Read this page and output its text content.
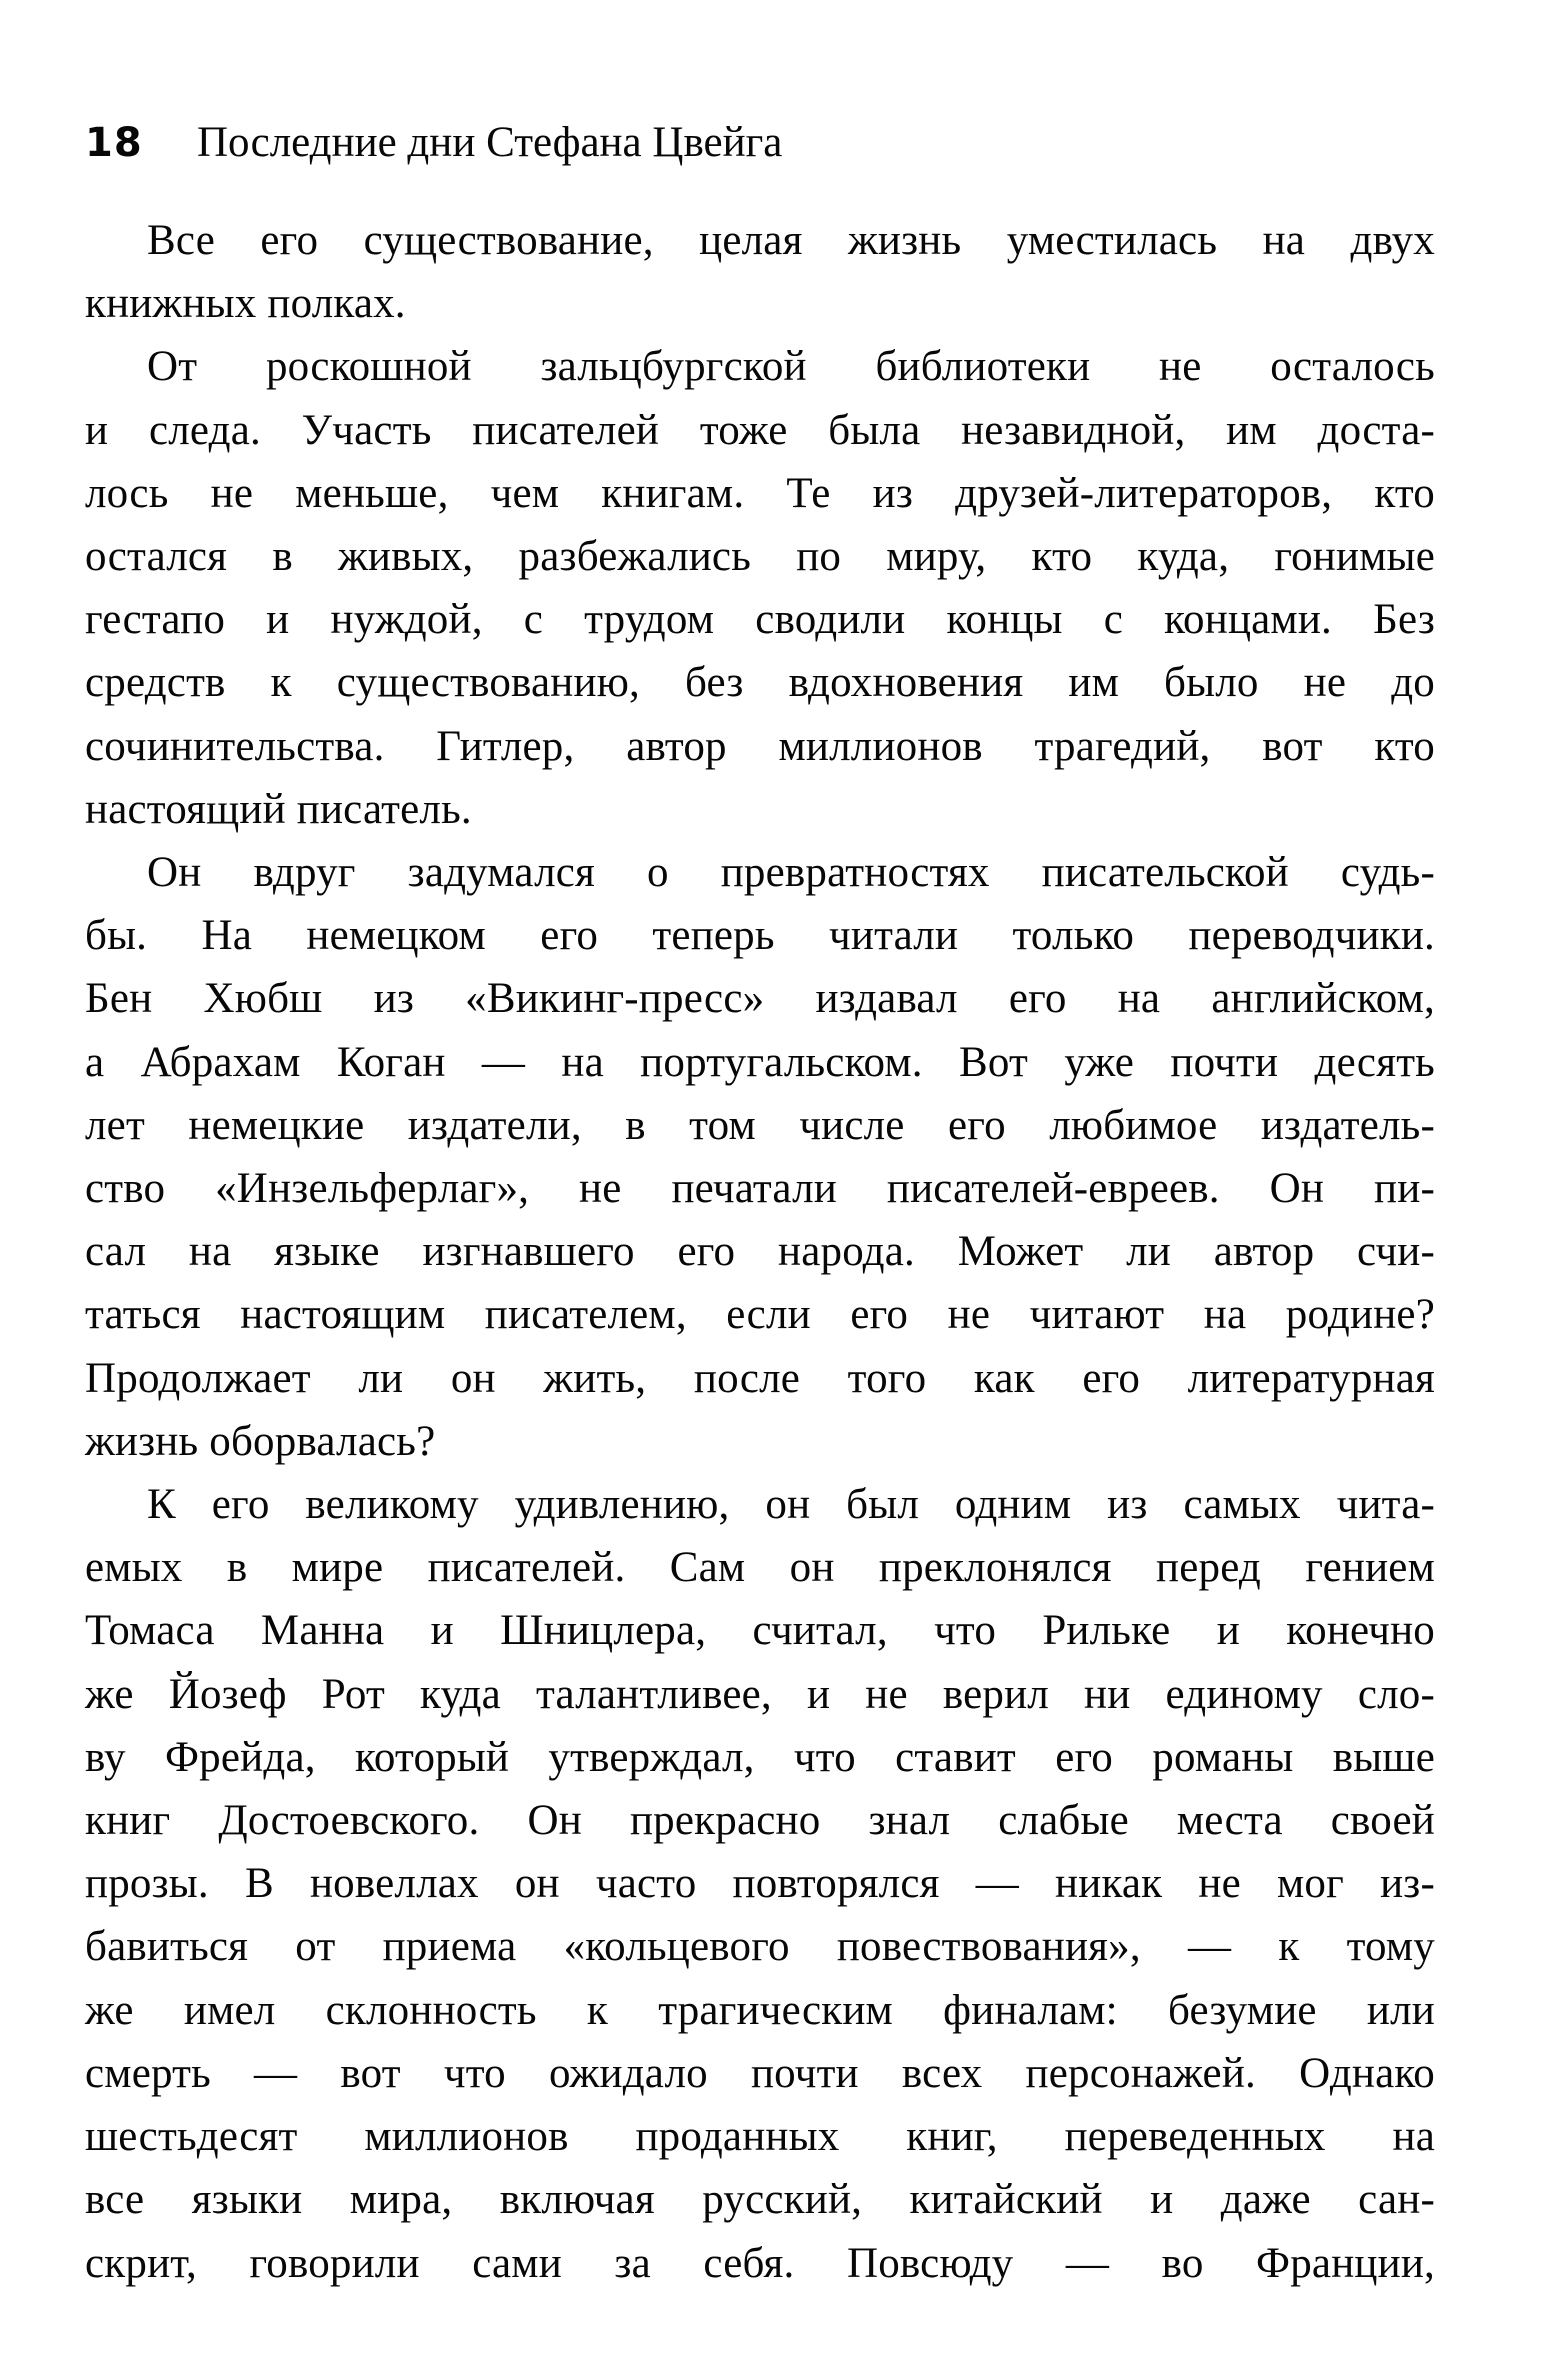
18	Последние дни Стефана Цвейга
Все его существование, целая жизнь уместилась на двух
книжных полках.
От роскошной зальцбургской библиотеки не осталось
и следа. Участь писателей тоже была незавидной, им доста-
лось не меньше, чем книгам. Те из друзей-литераторов, кто
остался в живых, разбежались по миру, кто куда, гонимые
гестапо и нуждой, с трудом сводили концы с концами. Без
средств к существованию, без вдохновения им было не до
сочинительства. Гитлер, автор миллионов трагедий, вот кто
настоящий писатель.
Он вдруг задумался о превратностях писательской судь-
бы. На немецком его теперь читали только переводчики.
Бен Хюбш из «Викинг-пресс» издавал его на английском,
а Абрахам Коган — на португальском. Вот уже почти десять
лет немецкие издатели, в том числе его любимое издатель-
ство «Инзельферлаг», не печатали писателей-евреев. Он пи-
сал на языке изгнавшего его народа. Может ли автор счи-
таться настоящим писателем, если его не читают на родине?
Продолжает ли он жить, после того как его литературная
жизнь оборвалась?
К его великому удивлению, он был одним из самых чита-
емых в мире писателей. Сам он преклонялся перед гением
Томаса Манна и Шницлера, считал, что Рильке и конечно
же Йозеф Рот куда талантливее, и не верил ни единому сло-
ву Фрейда, который утверждал, что ставит его романы выше
книг Достоевского. Он прекрасно знал слабые места своей
прозы. В новеллах он часто повторялся — никак не мог из-
бавиться от приема «кольцевого повествования», — к тому
же имел склонность к трагическим финалам: безумие или
смерть — вот что ожидало почти всех персонажей. Однако
шестьдесят миллионов проданных книг, переведенных на
все языки мира, включая русский, китайский и даже сан-
скрит, говорили сами за себя. Повсюду — во Франции,
